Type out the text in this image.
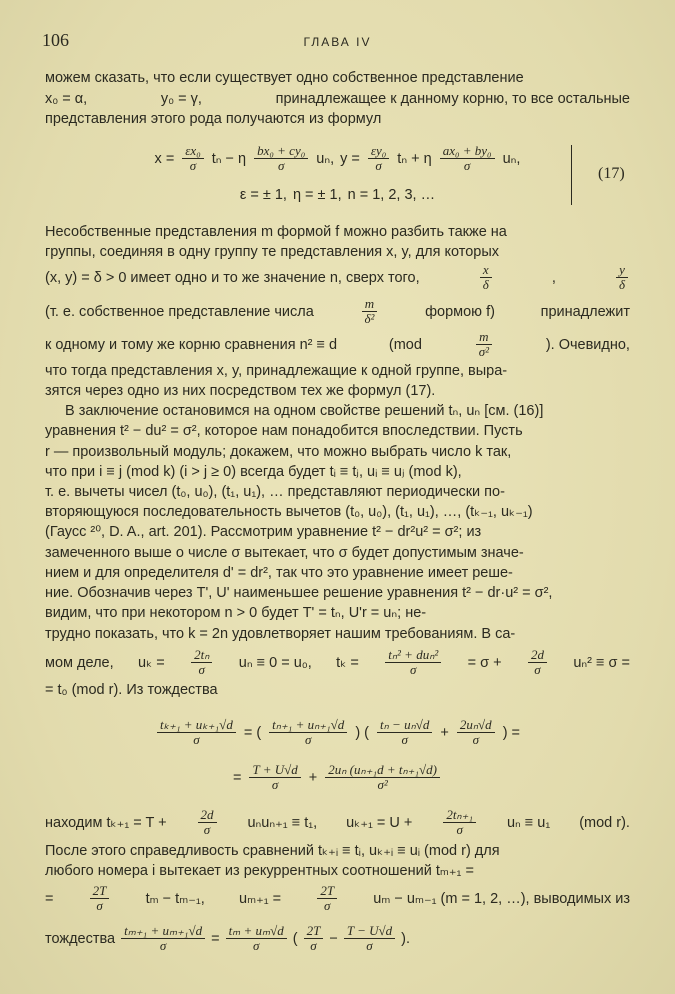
106	ГЛАВА IV
(17)
можем сказать, что если существует одно собственное представление
x₀ = α,	y₀ = γ,	принадлежащее к данному корню, то все остальные
представления этого рода получаются из формул
$x = \frac{\text{εx₀}}{\sigma}$ tₙ − η $\frac{\text{bx₀ + cy₀}}{\sigma} u_n$, $y = \frac{\text{εy₀}}{\sigma}$ tₙ + η $\frac{\text{ax₀ + by₀}}{\sigma} u_n$,
ε = ± 1, η = ± 1, n = 1, 2, 3, …
Несобственные представления m формой f можно разбить также на
группы, соединяя в одну группу те представления x, y, для которых
(x, y) = δ > 0 имеет одно и то же значение n, сверх того,	$\frac{x}{\delta}$	,	$\frac{y}{\delta}$
(т. е. собственное представление числа	$\frac{m}{\text{δ²}}$	формою f)	принадлежит
к одному и тому же корню сравнения n² ≡ d	(mod	$\frac{m}{\text{σ²}}$	). Очевидно,
что тогда представления x, y, принадлежащие к одной группе, выра-
зятся через одно из них посредством тех же формул (17).
В заключение остановимся на одном свойстве решений tₙ, uₙ [см. (16)]
уравнения t² − du² = σ², которое нам понадобится впоследствии. Пусть
r — произвольный модуль; докажем, что можно выбрать число k так,
что при i ≡ j (mod k) (i > j ≥ 0) всегда будет tᵢ ≡ tⱼ, uᵢ ≡ uⱼ (mod k),
т. е. вычеты чисел (t₀, u₀), (t₁, u₁), … представляют периодически по-
вторяющуюся последовательность вычетов (t₀, u₀), (t₁, u₁), …, (tₖ₋₁, uₖ₋₁)
(Гаусс ²⁰, D. A., art. 201). Рассмотрим уравнение t² − dr²u² = σ²; из
замеченного выше о числе σ вытекает, что σ будет допустимым значе-
нием и для определителя d' = dr², так что это уравнение имеет реше-
ние. Обозначив через T', U' наименьшее решение уравнения t² − dr·u² = σ²,
видим, что при некотором n > 0 будет T' = tₙ, U'r = uₙ; не-
трудно показать, что k = 2n удовлетворяет нашим требованиям. В са-
мом деле, $u_k = \frac{\text{2tₙ}}{\sigma}$ uₙ ≡ 0 = u₀, $t_k = \frac{\text{tₙ² + duₙ²}}{\sigma} = \sigma + \frac{2d}{\sigma} u_n^2 \equiv \sigma$ =
= t₀ (mod r). Из тождества
$\frac{\text{tₖ₊₁ + uₖ₊₁√d}}{\sigma}$ = ( $\frac{\text{tₙ₊₁ + uₙ₊₁√d}}{\sigma}$ ) ( $\frac{\text{tₙ − uₙ√d}}{\sigma} + \frac{\text{2uₙ√d}}{\sigma}$ ) =
= $\frac{T + U√d}{\sigma} + \frac{\text{2uₙ (uₙ₊₁d + tₙ₊₁√d)}}{\text{σ²}}$
находим $t_{k+1} = T + \frac{2d}{\sigma} u_nu_{n+1} \equiv t_1$, $u_{k+1} = U + \frac{\text{2tₙ₊₁}}{\sigma}$ uₙ ≡ u₁ (mod r).
После этого справедливость сравнений tₖ₊ᵢ ≡ tᵢ, uₖ₊ᵢ ≡ uᵢ (mod r) для
любого номера i вытекает из рекуррентных соотношений tₘ₊₁ =
=	$\frac{2T}{\sigma}$ tₘ − tₘ₋₁, uₘ₊₁ =	$\frac{2T}{\sigma}$ uₘ − uₘ₋₁ (m = 1, 2, …), выводимых из
тождества $\frac{\text{tₘ₊₁ + uₘ₊₁√d}}{\sigma} = \frac{\text{tₘ + uₘ√d}}{\sigma}$ ( $\frac{2T}{\sigma} - \frac{T - U√d}{\sigma}$ ).
